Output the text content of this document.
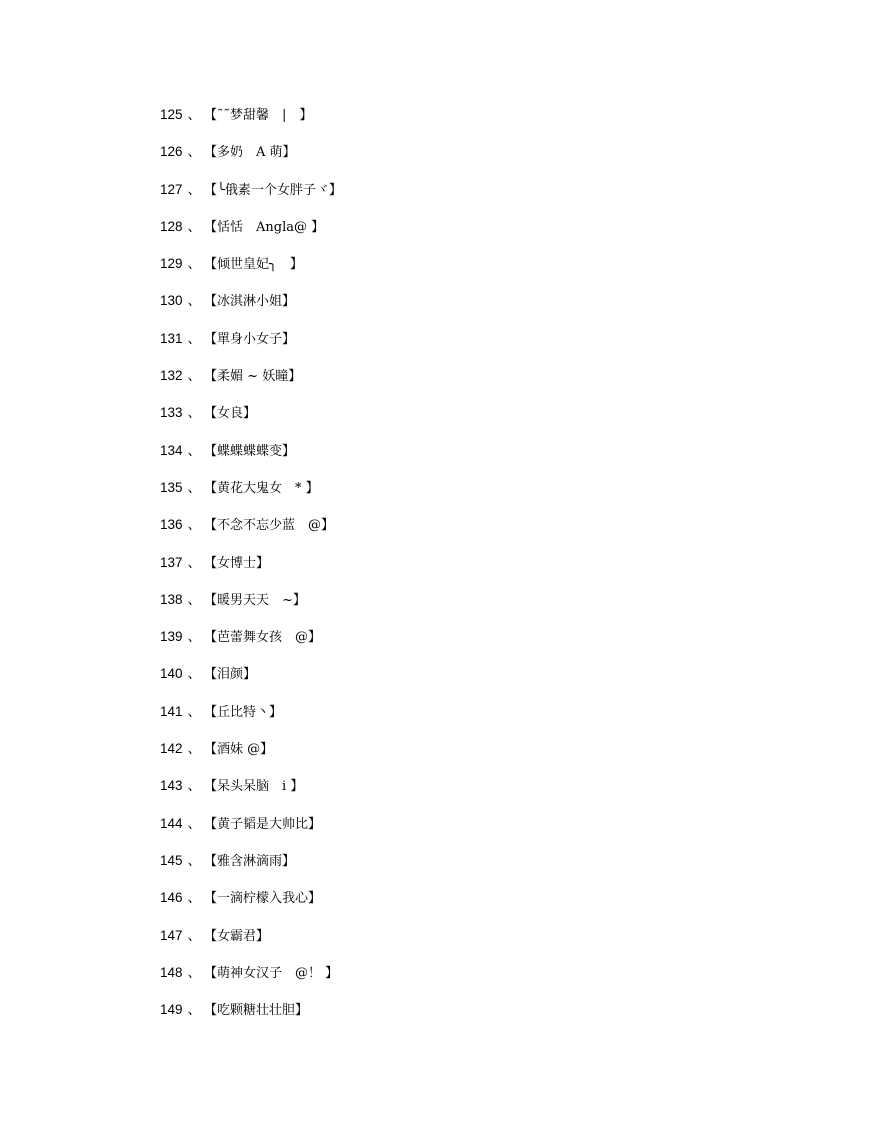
125 、 【˜˜梦甜馨　|　】
126 、 【多奶　A 萌】
127 、 【╰俄素一个女胖子ヾ】
128 、 【恬恬　Angla@ 】
129 、 【倾世皇妃╮　】
130 、 【冰淇淋小姐】
131 、 【單身小女子】
132 、 【柔媚 ~ 妖瞳】
133 、 【女良】
134 、 【蝶蝶蝶蝶变】
135 、 【黄花大鬼女　* 】
136 、 【不念不忘少蓝　@】
137 、 【女博士】
138 、 【暖男天天　~】
139 、 【芭蕾舞女孩　@】
140 、 【泪颜】
141 、 【丘比特丶】
142 、 【酒妹 @】
143 、 【呆头呆脑　i 】
144 、 【黄子韬是大帅比】
145 、 【雅含淋滴雨】
146 、 【一滴柠檬入我心】
147 、 【女霸君】
148 、 【萌神女汉子　@！ 】
149 、 【吃颗糖壮壮胆】
